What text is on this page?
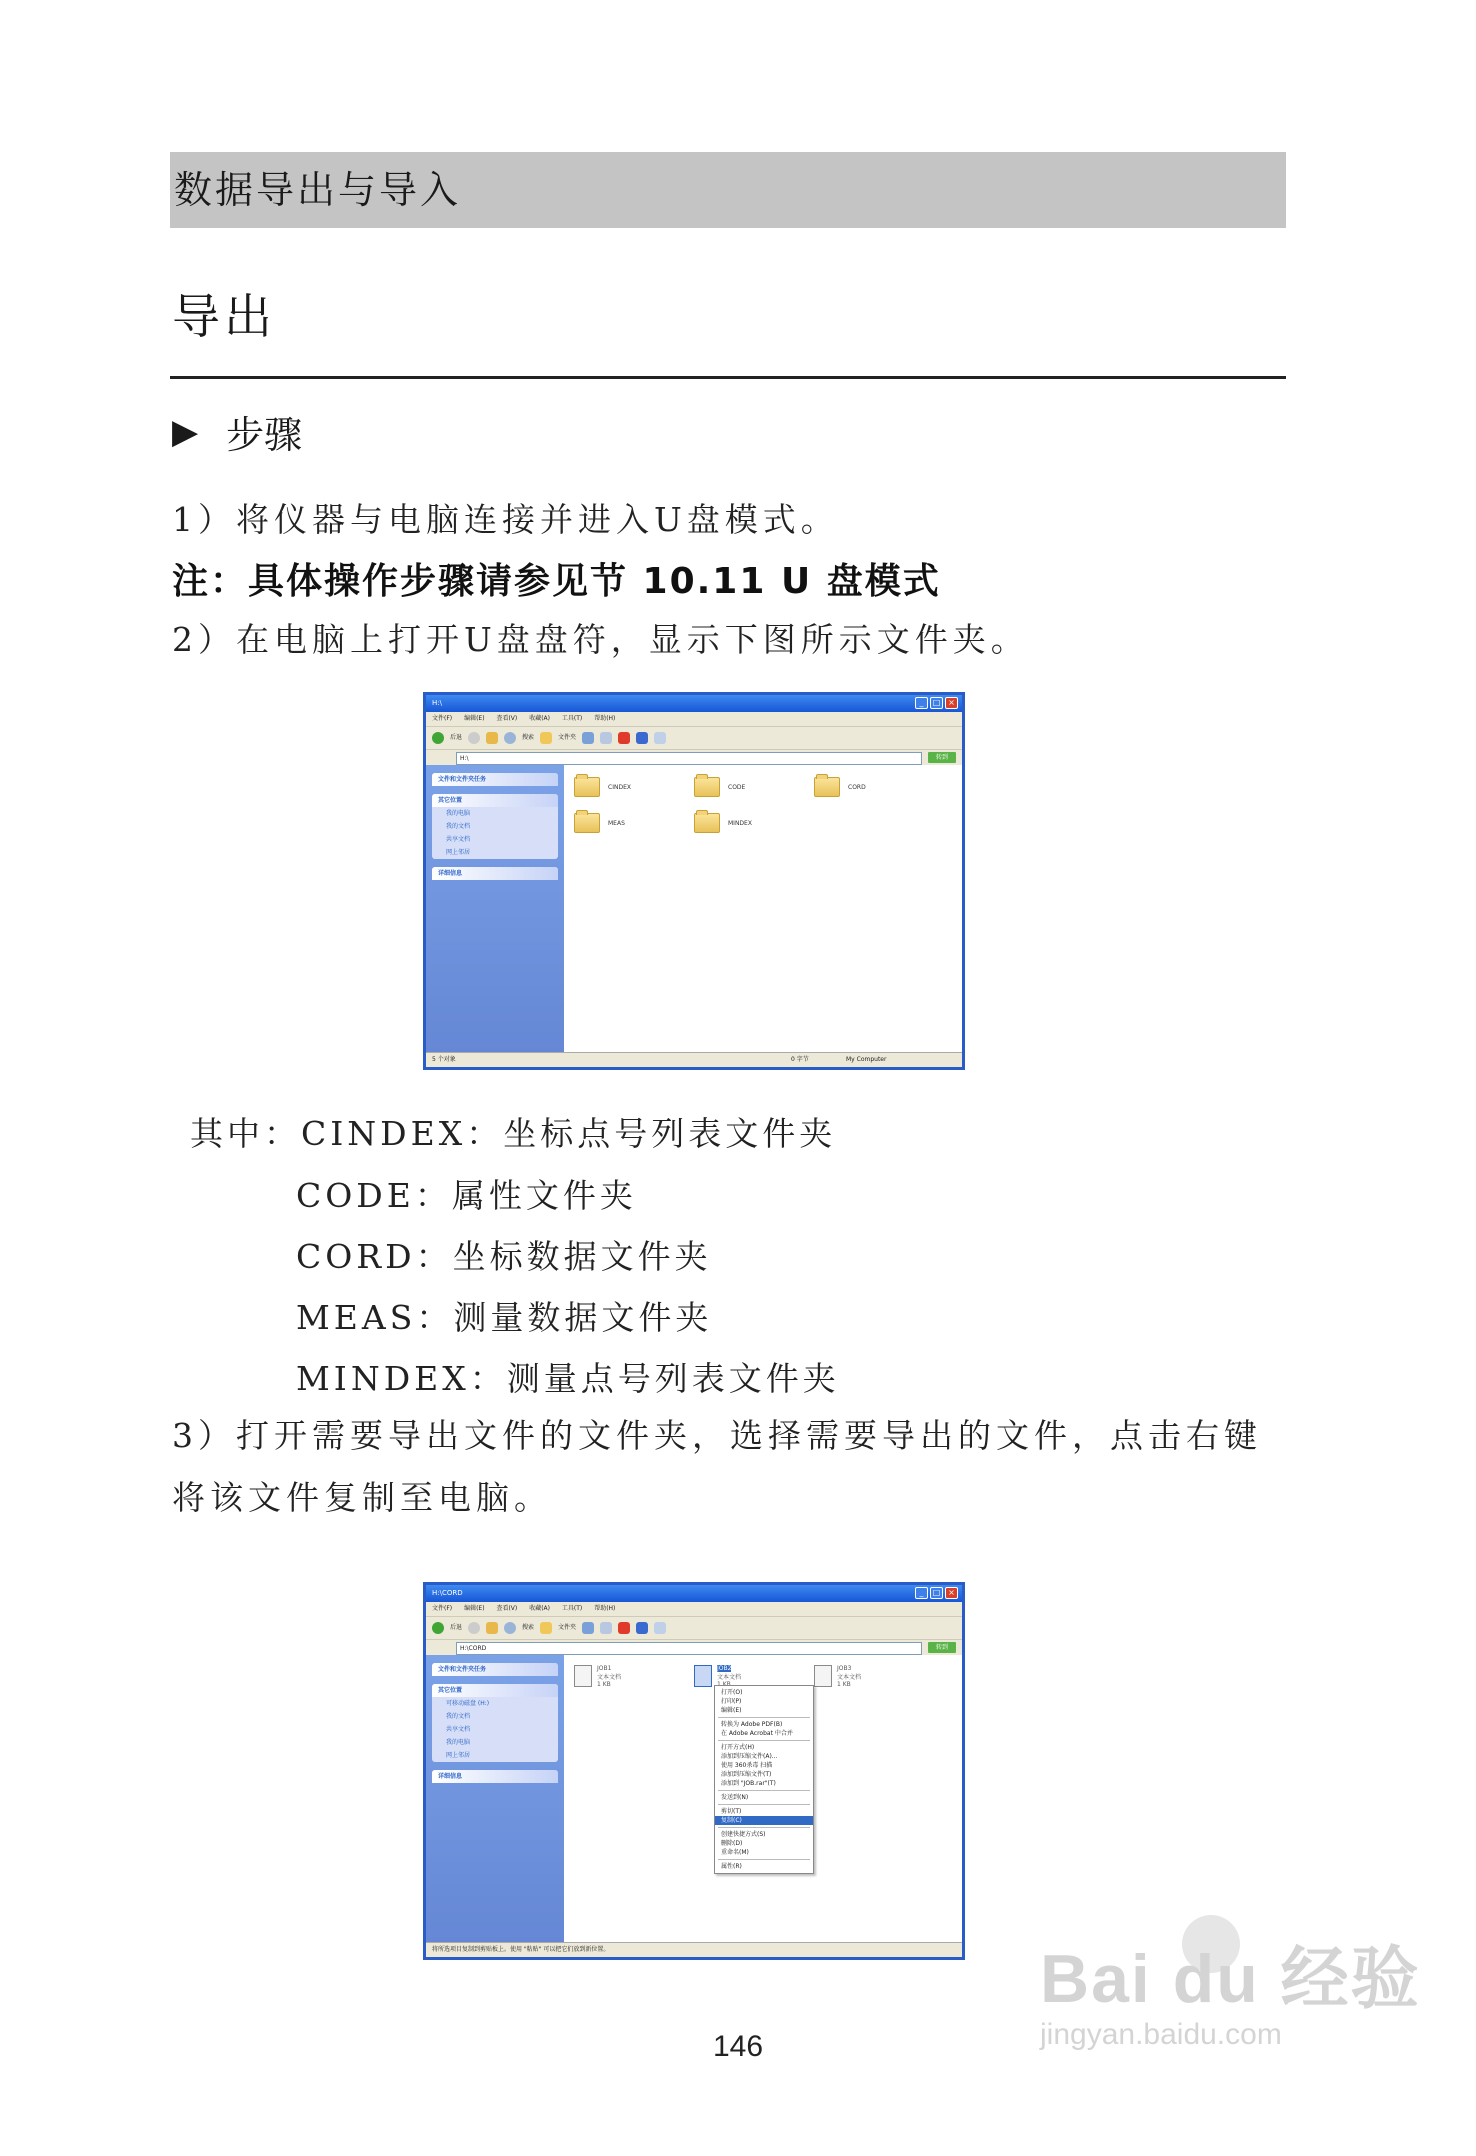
数据导出与导入
导出
▶ 步骤
1）将仪器与电脑连接并进入U盘模式。
注：具体操作步骤请参见节 10.11 U 盘模式
2）在电脑上打开U盘盘符，显示下图所示文件夹。
H:\	_	□ ×
文件(F) 编辑(E) 查看(V) 收藏(A) 工具(T) 帮助(H)
后退	搜索	文件夹
H:\	转到
文件和文件夹任务
其它位置
我的电脑
我的文档
共享文档
网上邻居
详细信息
CINDEX	CODE	CORD
MEAS	MINDEX
5 个对象	0 字节	My Computer
其中：CINDEX：坐标点号列表文件夹
CODE：属性文件夹
CORD：坐标数据文件夹
MEAS：测量数据文件夹
MINDEX：测量点号列表文件夹
3）打开需要导出文件的文件夹，选择需要导出的文件，点击右键将该文件复制至电脑。
H:\CORD	_	□ ×
文件(F) 编辑(E) 查看(V) 收藏(A) 工具(T) 帮助(H)
后退	搜索	文件夹
H:\CORD	转到
文件和文件夹任务
其它位置
可移动磁盘 (H:)
我的文档
共享文档
我的电脑
网上邻居
详细信息
JOB1
文本文档
1 KB
JOB2
文本文档

JOB3
文本文档
1 KB
打开(O)
打印(P)
编辑(E)
转换为 Adobe PDF(B)
在 Adobe Acrobat 中合并
打开方式(H)
添加到压缩文件(A)...
使用 360杀毒 扫描
添加到压缩文件(T)
添加到 "JOB.rar"(T)
发送到(N)
剪切(T)
复制(C)
创建快捷方式(S)
删除(D)
重命名(M)
属性(R)
将所选项目复制到剪贴板上。使用 "粘贴" 可以把它们放到新位置。
146
Bai du 经验
jingyan.baidu.com
